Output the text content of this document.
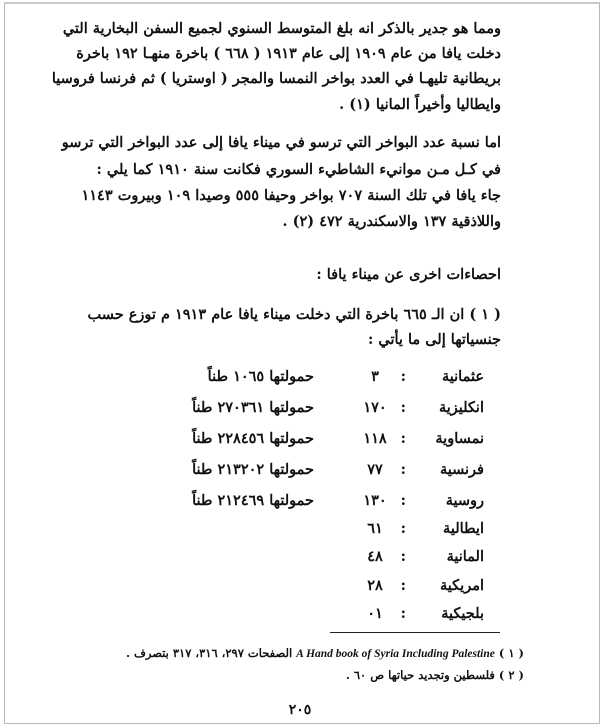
ومما هو جدير بالذكر انه بلغ المتوسط السنوي لجميع السفن البخارية التي
دخلت يافا من عام ١٩٠٩ إلى عام ١٩١٣ ( ٦٦٨ ) باخرة منهـا ١٩٢ باخرة
بريطانية تليهـا في العدد بواخر النمسا والمجر ( اوستريا ) ثم فرنسا فروسيا
وايطاليا وأخيراً المانيا (١) .
اما نسبة عدد البواخر التي ترسو في ميناء يافا إلى عدد البواخر التي ترسو
في كـل مـن موانيء الشاطيء السوري فكانت سنة ١٩١٠ كما يلي :
جاء يافا في تلك السنة ٧٠٧ بواخر وحيفا ٥٥٥ وصيدا ١٠٩ وبيروت ١١٤٣
واللاذقية ١٣٧ والاسكندرية ٤٧٢ (٢) .
احصاءات اخرى عن ميناء يافا :
( ١ ) ان الـ ٦٦٥ باخرة التي دخلت ميناء يافا عام ١٩١٣ م توزع حسب
جنسياتها إلى ما يأتي :
عثمانية
:
٣
حمولتها ١٠٦٥ طناً
انكليزية
:
١٧٠
حمولتها ٢٧٠٣٦١ طناً
نمساوية
:
١١٨
حمولتها ٢٢٨٤٥٦ طناً
فرنسية
:
٧٧
حمولتها ٢١٣٢٠٢ طناً
روسية
:
١٣٠
حمولتها ٢١٢٤٦٩ طناً
ايطالية
:
٦١
المانية
:
٤٨
امريكية
:
٢٨
بلجيكية
:
٠١
( ١ ) A Hand book of Syria Including Palestine الصفحات ٢٩٧، ٣١٦، ٣١٧ بتصرف .
( ٢ ) فلسطين وتجديد حياتها ص ٦٠ .
٢٠٥
